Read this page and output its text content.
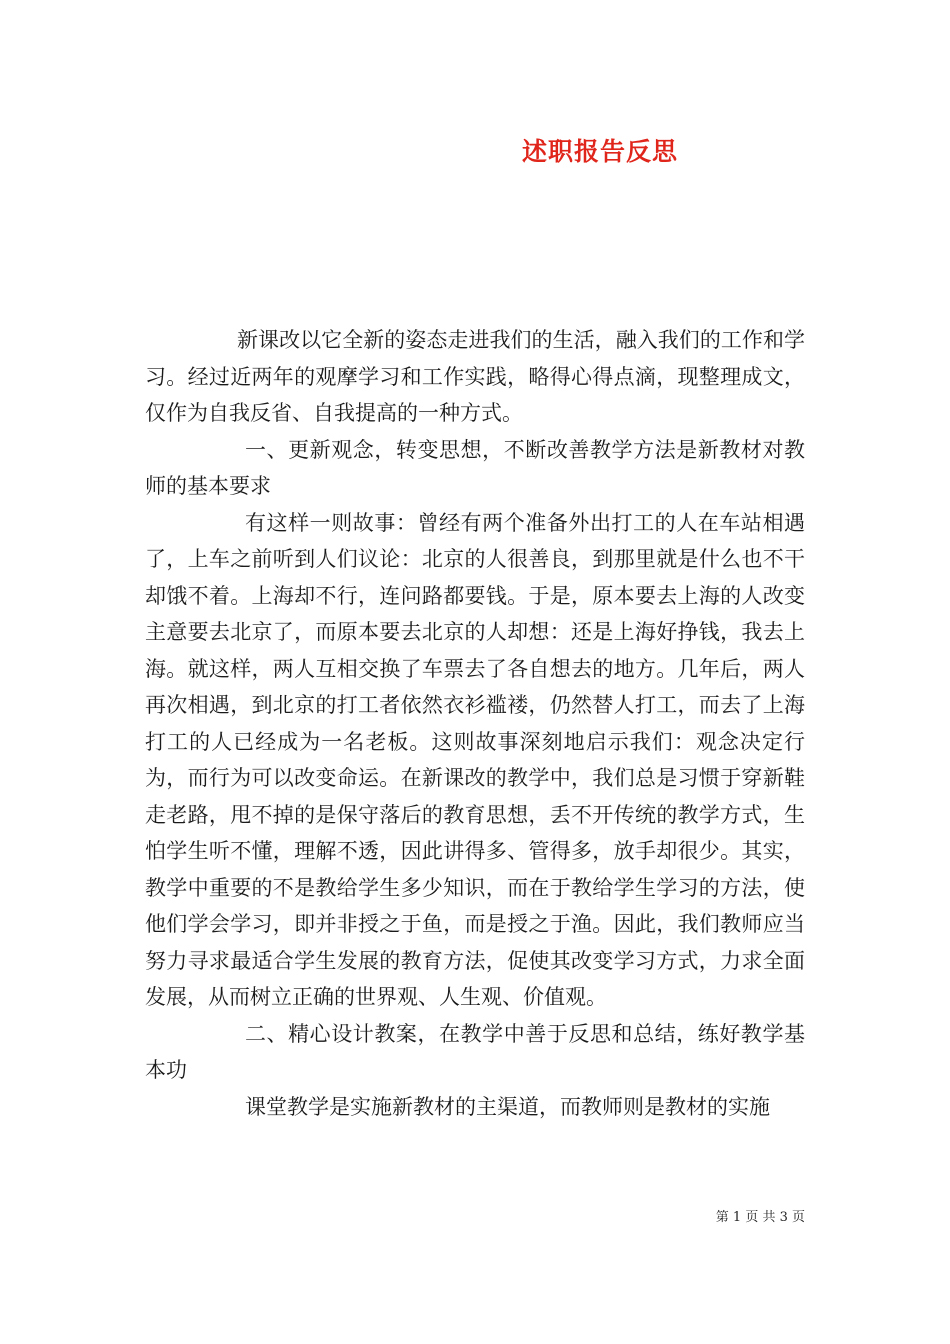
述职报告反思

新课改以它全新的姿态走进我们的生活，融入我们的工作和学习。经过近两年的观摩学习和工作实践，略得心得点滴，现整理成文，仅作为自我反省、自我提高的一种方式。

一、更新观念，转变思想，不断改善教学方法是新教材对教师的基本要求

有这样一则故事：曾经有两个准备外出打工的人在车站相遇了，上车之前听到人们议论：北京的人很善良，到那里就是什么也不干却饿不着。上海却不行，连问路都要钱。于是，原本要去上海的人改变主意要去北京了，而原本要去北京的人却想：还是上海好挣钱，我去上海。就这样，两人互相交换了车票去了各自想去的地方。几年后，两人再次相遇，到北京的打工者依然衣衫褴褛，仍然替人打工，而去了上海打工的人已经成为一名老板。这则故事深刻地启示我们：观念决定行为，而行为可以改变命运。在新课改的教学中，我们总是习惯于穿新鞋走老路，甩不掉的是保守落后的教育思想，丢不开传统的教学方式，生怕学生听不懂，理解不透，因此讲得多、管得多，放手却很少。其实，教学中重要的不是教给学生多少知识，而在于教给学生学习的方法，使他们学会学习，即并非授之于鱼，而是授之于渔。因此，我们教师应当努力寻求最适合学生发展的教育方法，促使其改变学习方式，力求全面发展，从而树立正确的世界观、人生观、价值观。

二、精心设计教案，在教学中善于反思和总结，练好教学基本功

课堂教学是实施新教材的主渠道，而教师则是教材的实施

第 1 页 共 3 页
